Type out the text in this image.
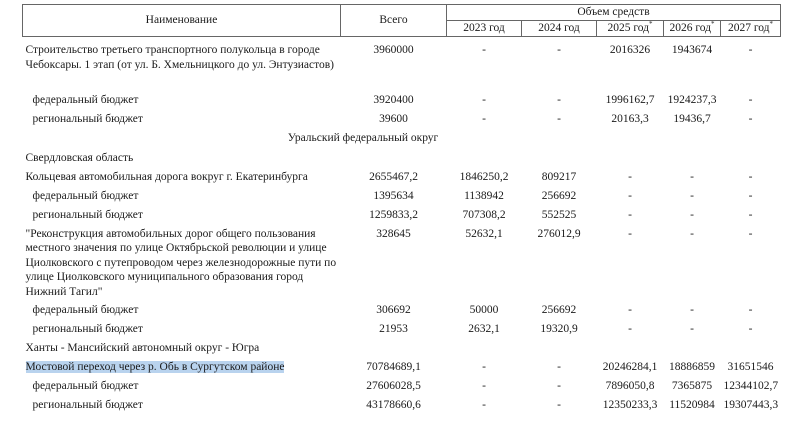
Наименование	Всего	Объем средств				
		2023 год	2024 год	2025 год*	2026 год*	2027 год*
Строительство третьего транспортного полукольца в городе Чебоксары. 1 этап (от ул. Б. Хмельницкого до ул. Энтузиастов)	3960000	-	-	2016326	1943674	-
федеральный бюджет	3920400	-	-	1996162,7	1924237,3	-
региональный бюджет	39600	-	-	20163,3	19436,7	-
Уральский федеральный округ						
Свердловская область						
Кольцевая автомобильная дорога вокруг г. Екатеринбурга	2655467,2	1846250,2	809217	-	-	-
федеральный бюджет	1395634	1138942	256692	-	-	-
региональный бюджет	1259833,2	707308,2	552525	-	-	-
"Реконструкция автомобильных дорог общего пользования местного значения по улице Октябрьской революции и улице Циолковского с путепроводом через железнодорожные пути по улице Циолковского муниципального образования город Нижний Тагил"	328645	52632,1	276012,9	-	-	-
федеральный бюджет	306692	50000	256692	-	-	-
региональный бюджет	21953	2632,1	19320,9	-	-	-
Ханты - Мансийский автономный округ - Югра						
Мостовой переход через р. Обь в Сургутском районе	70784689,1	-	-	20246284,1	18886859	31651546
федеральный бюджет	27606028,5	-	-	7896050,8	7365875	12344102,7
региональный бюджет	43178660,6	-	-	12350233,3	11520984	19307443,3
